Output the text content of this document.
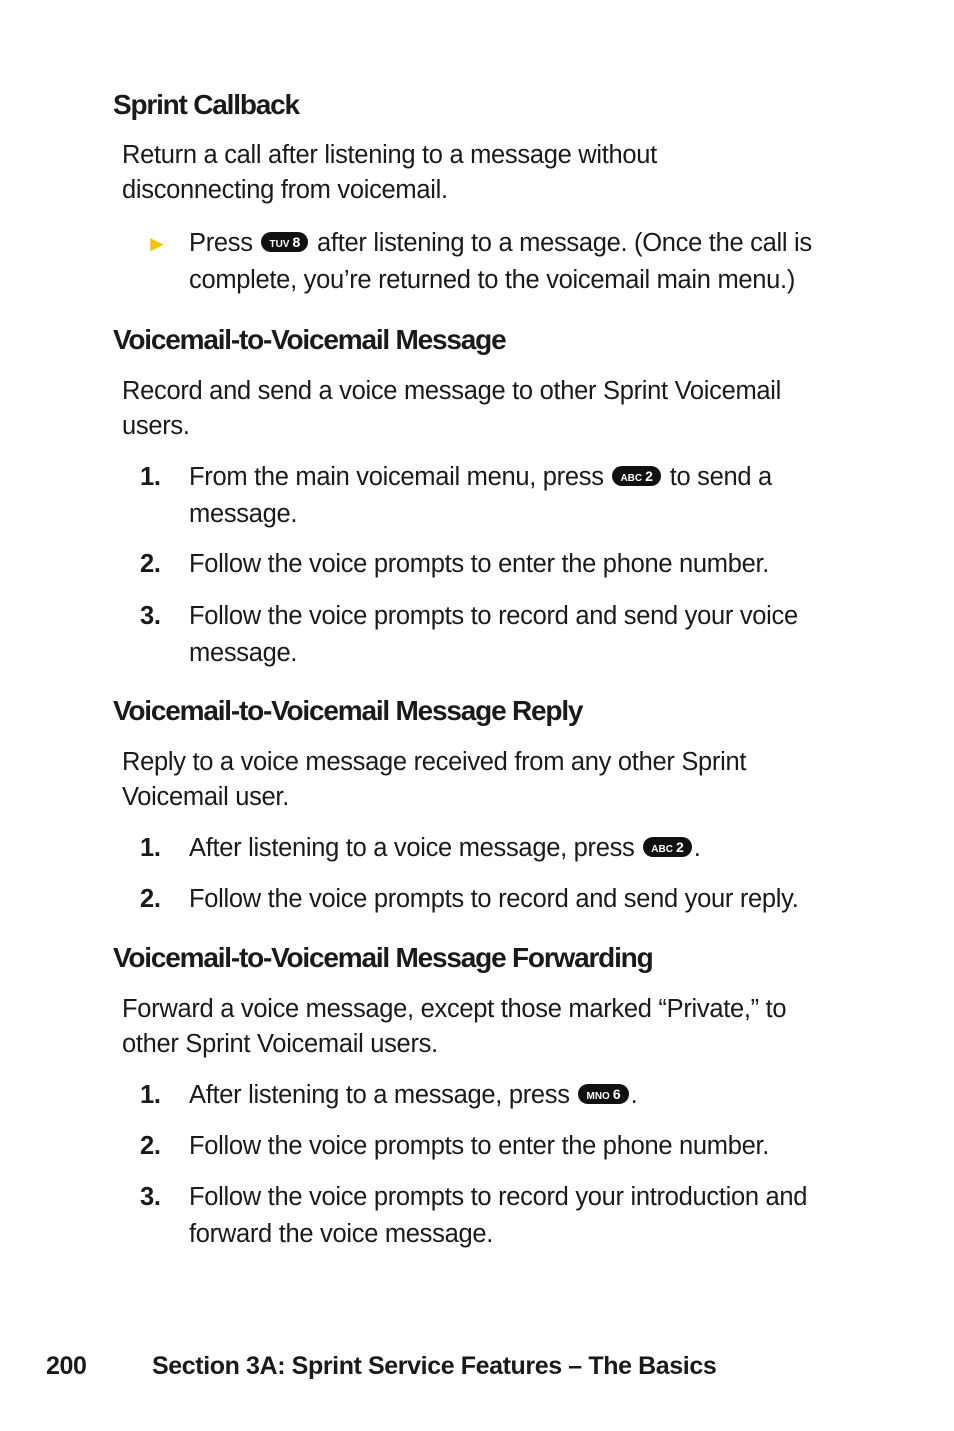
Sprint Callback
Return a call after listening to a message without
disconnecting from voicemail.
► Press TUV 8 after listening to a message. (Once the call is complete, you’re returned to the voicemail main menu.)
Voicemail-to-Voicemail Message
Record and send a voice message to other Sprint Voicemail
users.
1.	From the main voicemail menu, press ABC 2 to send a message.
2.	Follow the voice prompts to enter the phone number.
3.	Follow the voice prompts to record and send your voice message.
Voicemail-to-Voicemail Message Reply
Reply to a voice message received from any other Sprint
Voicemail user.
1.	After listening to a voice message, press ABC 2 .
2.	Follow the voice prompts to record and send your reply.
Voicemail-to-Voicemail Message Forwarding
Forward a voice message, except those marked “Private,” to
other Sprint Voicemail users.
1.	After listening to a message, press MNO 6 .
2.	Follow the voice prompts to enter the phone number.
3.	Follow the voice prompts to record your introduction and forward the voice message.
200	Section 3A: Sprint Service Features – The Basics
